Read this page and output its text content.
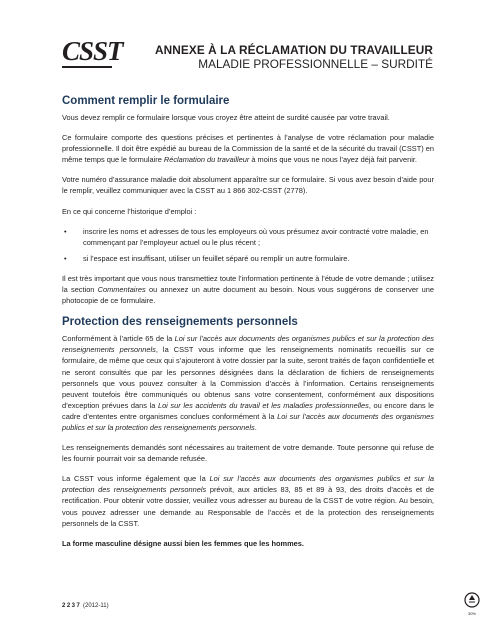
CSST	ANNEXE À LA RÉCLAMATION DU TRAVAILLEUR
MALADIE PROFESSIONNELLE – SURDITÉ
Comment remplir le formulaire

Vous devez remplir ce formulaire lorsque vous croyez être atteint de surdité causée par votre travail.

Ce formulaire comporte des questions précises et pertinentes à l’analyse de votre réclamation pour maladie professionnelle. Il doit être expédié au bureau de la Commission de la santé et de la sécurité du travail (CSST) en même temps que le formulaire Réclamation du travailleur à moins que vous ne nous l’ayez déjà fait parvenir.

Votre numéro d’assurance maladie doit absolument apparaître sur ce formulaire. Si vous avez besoin d’aide pour le remplir, veuillez communiquer avec la CSST au 1 866 302-CSST (2778).

En ce qui concerne l’historique d’emploi :

• inscrire les noms et adresses de tous les employeurs où vous présumez avoir contracté votre maladie, en commençant par l’employeur actuel ou le plus récent ;
• si l’espace est insuffisant, utiliser un feuillet séparé ou remplir un autre formulaire.

Il est très important que vous nous transmettiez toute l’information pertinente à l’étude de votre demande ; utilisez la section Commentaires ou annexez un autre document au besoin. Nous vous suggérons de conserver une photocopie de ce formulaire.

Protection des renseignements personnels

Conformément à l’article 65 de la Loi sur l’accès aux documents des organismes publics et sur la protection des renseignements personnels, la CSST vous informe que les renseignements nominatifs recueillis sur ce formulaire, de même que ceux qui s’ajouteront à votre dossier par la suite, seront traités de façon confidentielle et ne seront consultés que par les personnes désignées dans la déclaration de fichiers de renseignements personnels que vous pouvez consulter à la Commission d’accès à l’information. Certains renseignements peuvent toutefois être communiqués ou obtenus sans votre consentement, conformément aux dispositions d’exception prévues dans la Loi sur les accidents du travail et les maladies professionnelles, ou encore dans le cadre d’ententes entre organismes conclues conformément à la Loi sur l’accès aux documents des organismes publics et sur la protection des renseignements personnels.

Les renseignements demandés sont nécessaires au traitement de votre demande. Toute personne qui refuse de les fournir pourrait voir sa demande refusée.

La CSST vous informe également que la Loi sur l’accès aux documents des organismes publics et sur la protection des renseignements personnels prévoit, aux articles 83, 85 et 89 à 93, des droits d’accès et de rectification. Pour obtenir votre dossier, veuillez vous adresser au bureau de la CSST de votre région. Au besoin, vous pouvez adresser une demande au Responsable de l’accès et de la protection des renseignements personnels de la CSST.

La forme masculine désigne aussi bien les femmes que les hommes.

2237 (2012-11)
30%
